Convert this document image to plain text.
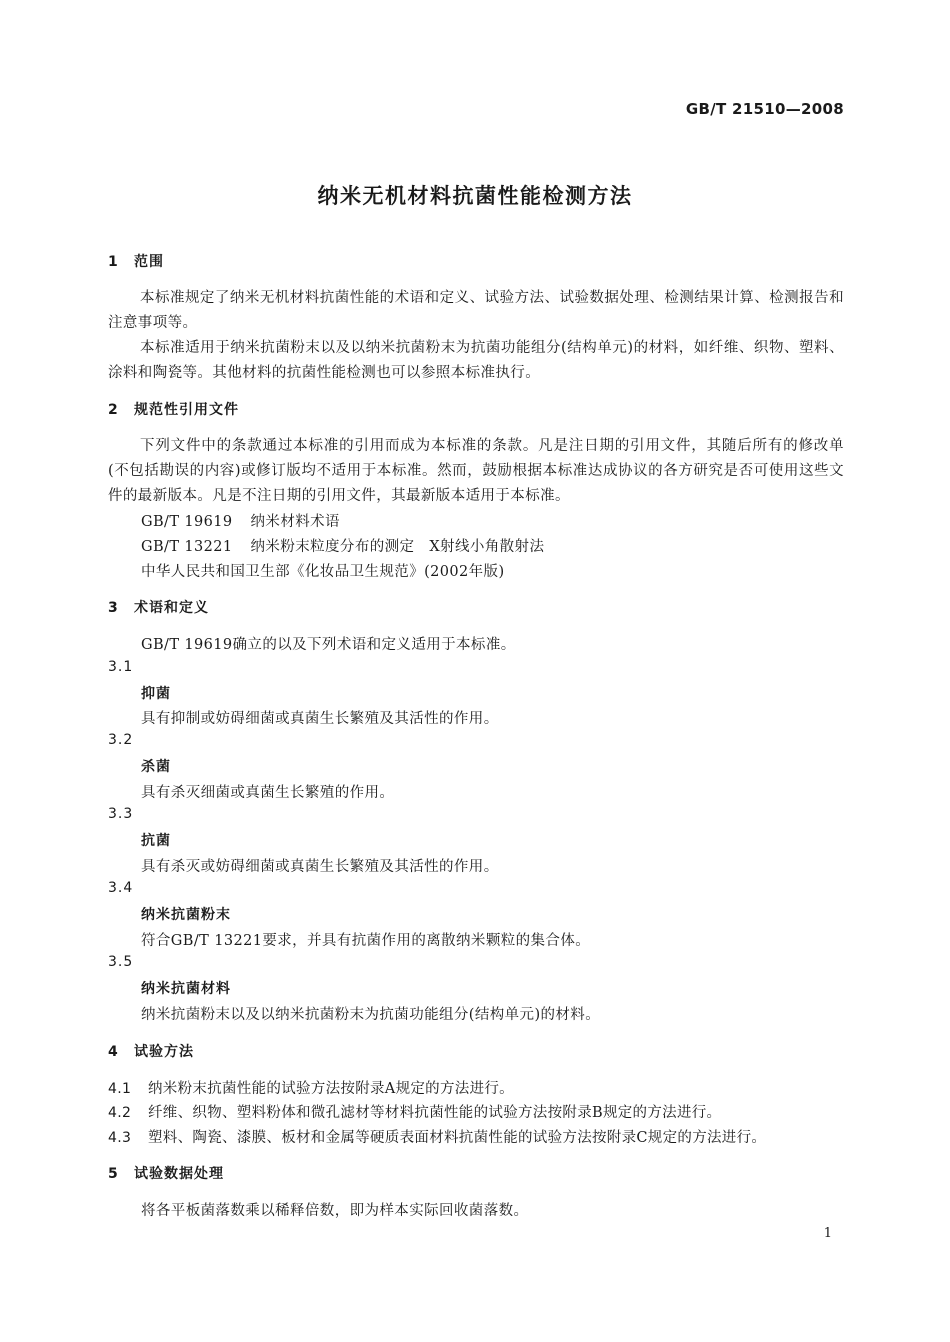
GB/T 21510—2008
纳米无机材料抗菌性能检测方法
1 范围
本标准规定了纳米无机材料抗菌性能的术语和定义、试验方法、试验数据处理、检测结果计算、检测报告和注意事项等。
本标准适用于纳米抗菌粉末以及以纳米抗菌粉末为抗菌功能组分(结构单元)的材料，如纤维、织物、塑料、涂料和陶瓷等。其他材料的抗菌性能检测也可以参照本标准执行。
2 规范性引用文件
下列文件中的条款通过本标准的引用而成为本标准的条款。凡是注日期的引用文件，其随后所有的修改单(不包括勘误的内容)或修订版均不适用于本标准。然而，鼓励根据本标准达成协议的各方研究是否可使用这些文件的最新版本。凡是不注日期的引用文件，其最新版本适用于本标准。
GB/T 19619 纳米材料术语
GB/T 13221 纳米粉末粒度分布的测定　X射线小角散射法
中华人民共和国卫生部《化妆品卫生规范》(2002年版)
3 术语和定义
GB/T 19619确立的以及下列术语和定义适用于本标准。
3.1
抑菌
具有抑制或妨碍细菌或真菌生长繁殖及其活性的作用。
3.2
杀菌
具有杀灭细菌或真菌生长繁殖的作用。
3.3
抗菌
具有杀灭或妨碍细菌或真菌生长繁殖及其活性的作用。
3.4
纳米抗菌粉末
符合GB/T 13221要求，并具有抗菌作用的离散纳米颗粒的集合体。
3.5
纳米抗菌材料
纳米抗菌粉末以及以纳米抗菌粉末为抗菌功能组分(结构单元)的材料。
4 试验方法
4.1 纳米粉末抗菌性能的试验方法按附录A规定的方法进行。
4.2 纤维、织物、塑料粉体和微孔滤材等材料抗菌性能的试验方法按附录B规定的方法进行。
4.3 塑料、陶瓷、漆膜、板材和金属等硬质表面材料抗菌性能的试验方法按附录C规定的方法进行。
5 试验数据处理
将各平板菌落数乘以稀释倍数，即为样本实际回收菌落数。
1
